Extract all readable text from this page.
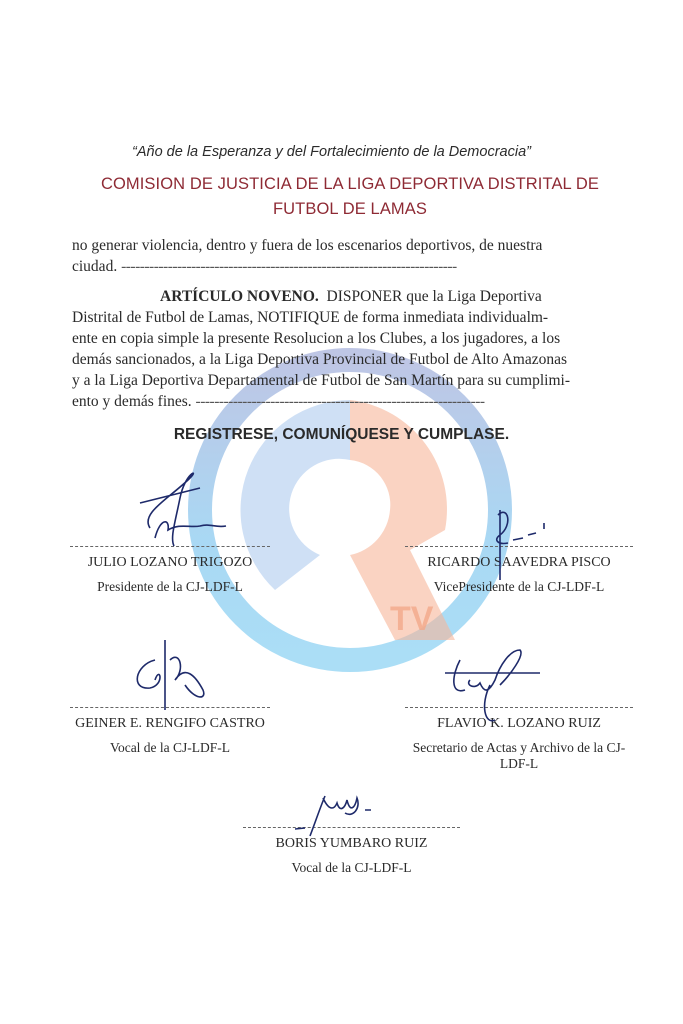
TV
“Año de la Esperanza y del Fortalecimiento de la Democracia”
COMISION DE JUSTICIA DE LA LIGA DEPORTIVA DISTRITAL DE
FUTBOL DE LAMAS
no generar violencia, dentro y fuera de los escenarios deportivos, de nuestra
ciudad. ------------------------------------------------------------------------
ARTÍCULO NOVENO. DISPONER que la Liga Deportiva
Distrital de Futbol de Lamas, NOTIFIQUE de forma inmediata individualm-
ente en copia simple la presente Resolucion a los Clubes, a los jugadores, a los
demás sancionados, a la Liga Deportiva Provincial de Futbol de Alto Amazonas
y a la Liga Deportiva Departamental de Futbol de San Martín para su cumplimi-
ento y demás fines. --------------------------------------------------------------
REGISTRESE, COMUNÍQUESE Y CUMPLASE.
JULIO LOZANO TRIGOZO
Presidente de la CJ-LDF-L
RICARDO SAAVEDRA PISCO
VicePresidente de la CJ-LDF-L
GEINER E. RENGIFO CASTRO
Vocal de la CJ-LDF-L
FLAVIO K. LOZANO RUIZ
Secretario de Actas y Archivo de la CJ-LDF-L
BORIS YUMBARO RUIZ
Vocal de la CJ-LDF-L
